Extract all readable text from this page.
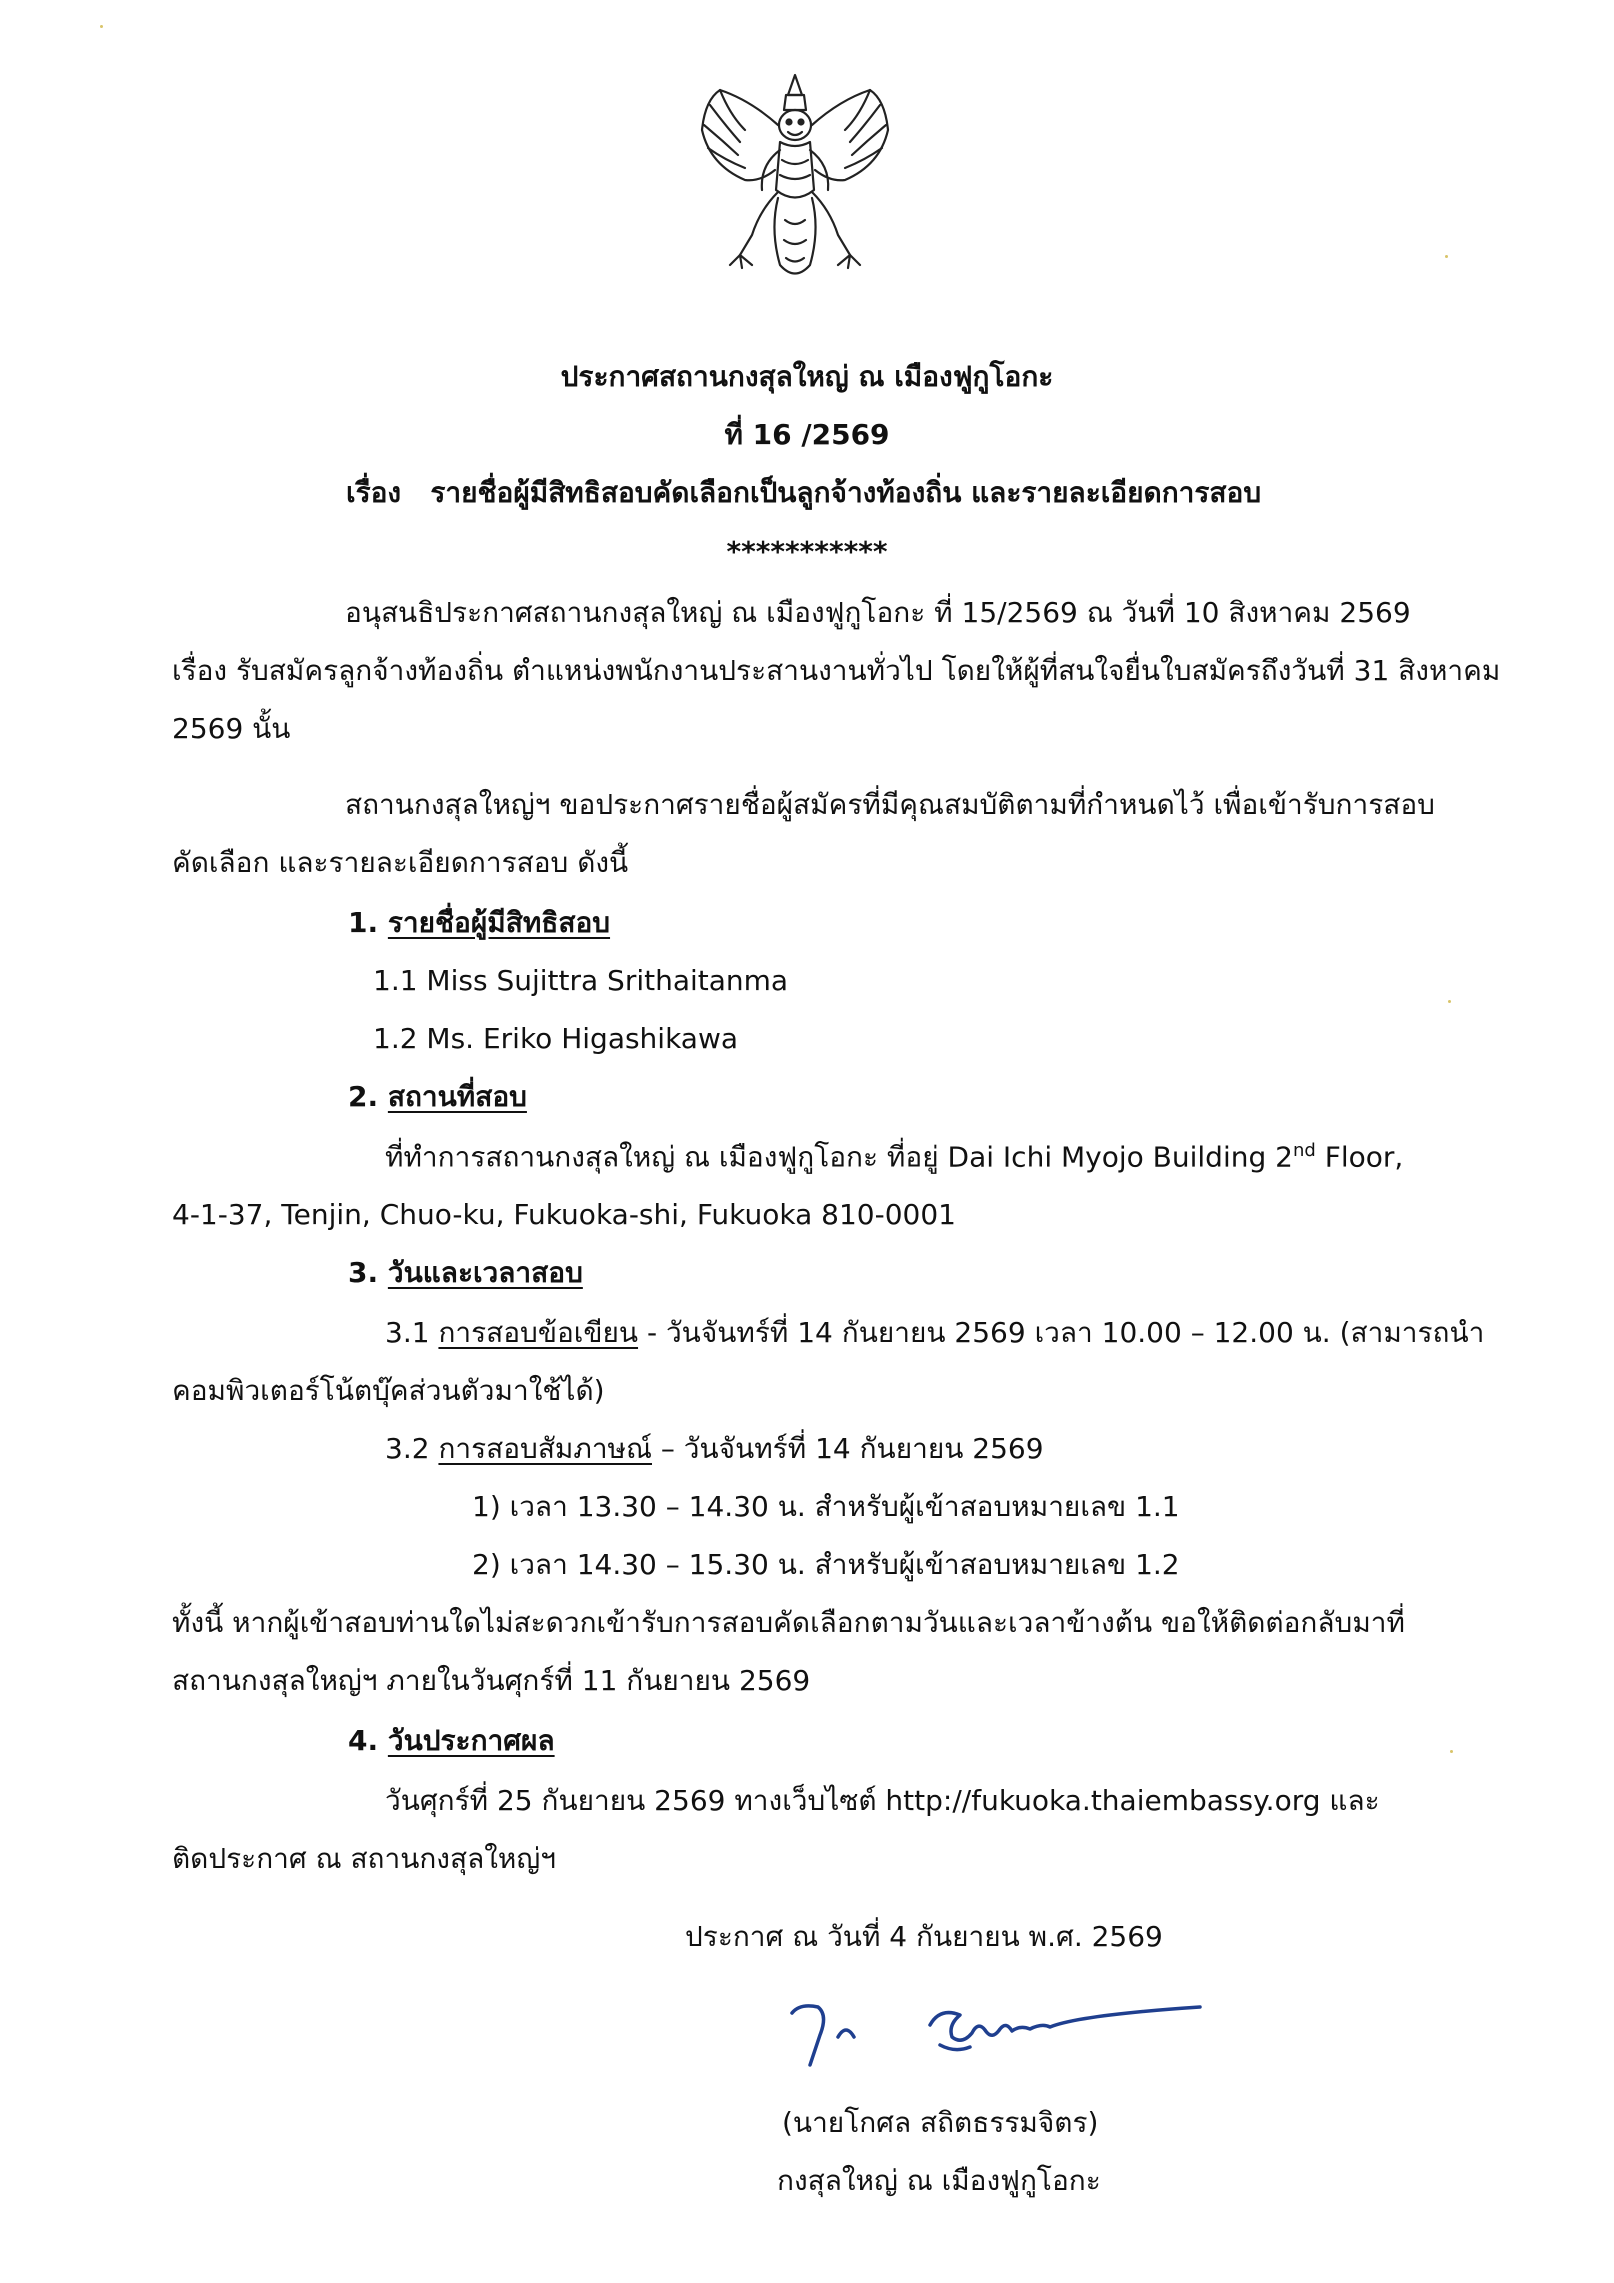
ประกาศสถานกงสุลใหญ่ ณ เมืองฟูกูโอกะ
ที่ 16 /2569
เรื่อง รายชื่อผู้มีสิทธิสอบคัดเลือกเป็นลูกจ้างท้องถิ่น และรายละเอียดการสอบ
***********
อนุสนธิประกาศสถานกงสุลใหญ่ ณ เมืองฟูกูโอกะ ที่ 15/2569 ณ วันที่ 10 สิงหาคม 2569
เรื่อง รับสมัครลูกจ้างท้องถิ่น ตำแหน่งพนักงานประสานงานทั่วไป โดยให้ผู้ที่สนใจยื่นใบสมัครถึงวันที่ 31 สิงหาคม
2569 นั้น
สถานกงสุลใหญ่ฯ ขอประกาศรายชื่อผู้สมัครที่มีคุณสมบัติตามที่กำหนดไว้ เพื่อเข้ารับการสอบ
คัดเลือก และรายละเอียดการสอบ ดังนี้
1. รายชื่อผู้มีสิทธิสอบ
1.1 Miss Sujittra Srithaitanma
1.2 Ms. Eriko Higashikawa
2. สถานที่สอบ
ที่ทำการสถานกงสุลใหญ่ ณ เมืองฟูกูโอกะ ที่อยู่ Dai Ichi Myojo Building 2nd Floor,
4-1-37, Tenjin, Chuo-ku, Fukuoka-shi, Fukuoka 810-0001
3. วันและเวลาสอบ
3.1 การสอบข้อเขียน - วันจันทร์ที่ 14 กันยายน 2569 เวลา 10.00 – 12.00 น. (สามารถนำ
คอมพิวเตอร์โน้ตบุ๊คส่วนตัวมาใช้ได้)
3.2 การสอบสัมภาษณ์ – วันจันทร์ที่ 14 กันยายน 2569
1) เวลา 13.30 – 14.30 น. สำหรับผู้เข้าสอบหมายเลข 1.1
2) เวลา 14.30 – 15.30 น. สำหรับผู้เข้าสอบหมายเลข 1.2
ทั้งนี้ หากผู้เข้าสอบท่านใดไม่สะดวกเข้ารับการสอบคัดเลือกตามวันและเวลาข้างต้น ขอให้ติดต่อกลับมาที่
สถานกงสุลใหญ่ฯ ภายในวันศุกร์ที่ 11 กันยายน 2569
4. วันประกาศผล
วันศุกร์ที่ 25 กันยายน 2569 ทางเว็บไซต์ http://fukuoka.thaiembassy.org และ
ติดประกาศ ณ สถานกงสุลใหญ่ฯ
ประกาศ ณ วันที่ 4 กันยายน พ.ศ. 2569
(นายโกศล สถิตธรรมจิตร)
กงสุลใหญ่ ณ เมืองฟูกูโอกะ
